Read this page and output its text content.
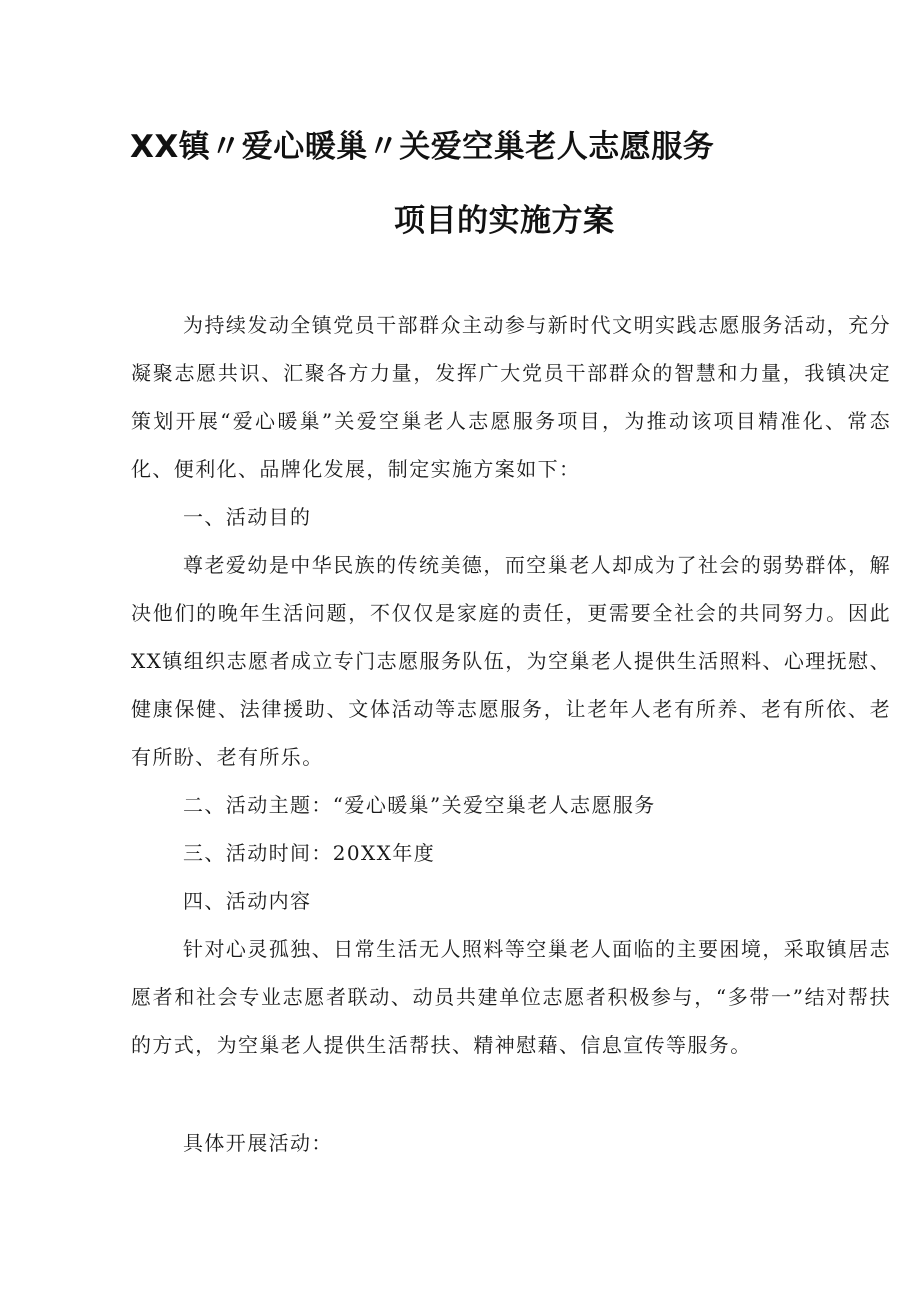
XX镇〃爱心暖巢〃关爱空巢老人志愿服务
项目的实施方案

为持续发动全镇党员干部群众主动参与新时代文明实践志愿服务活动，充分凝聚志愿共识、汇聚各方力量，发挥广大党员干部群众的智慧和力量，我镇决定策划开展“爱心暖巢”关爱空巢老人志愿服务项目，为推动该项目精准化、常态化、便利化、品牌化发展，制定实施方案如下：

一、活动目的

尊老爱幼是中华民族的传统美德，而空巢老人却成为了社会的弱势群体，解决他们的晚年生活问题，不仅仅是家庭的责任，更需要全社会的共同努力。因此XX镇组织志愿者成立专门志愿服务队伍，为空巢老人提供生活照料、心理抚慰、健康保健、法律援助、文体活动等志愿服务，让老年人老有所养、老有所依、老有所盼、老有所乐。

二、活动主题：“爱心暖巢”关爱空巢老人志愿服务

三、活动时间：20XX年度

四、活动内容

针对心灵孤独、日常生活无人照料等空巢老人面临的主要困境，采取镇居志愿者和社会专业志愿者联动、动员共建单位志愿者积极参与，“多带一”结对帮扶的方式，为空巢老人提供生活帮扶、精神慰藉、信息宣传等服务。

具体开展活动：
